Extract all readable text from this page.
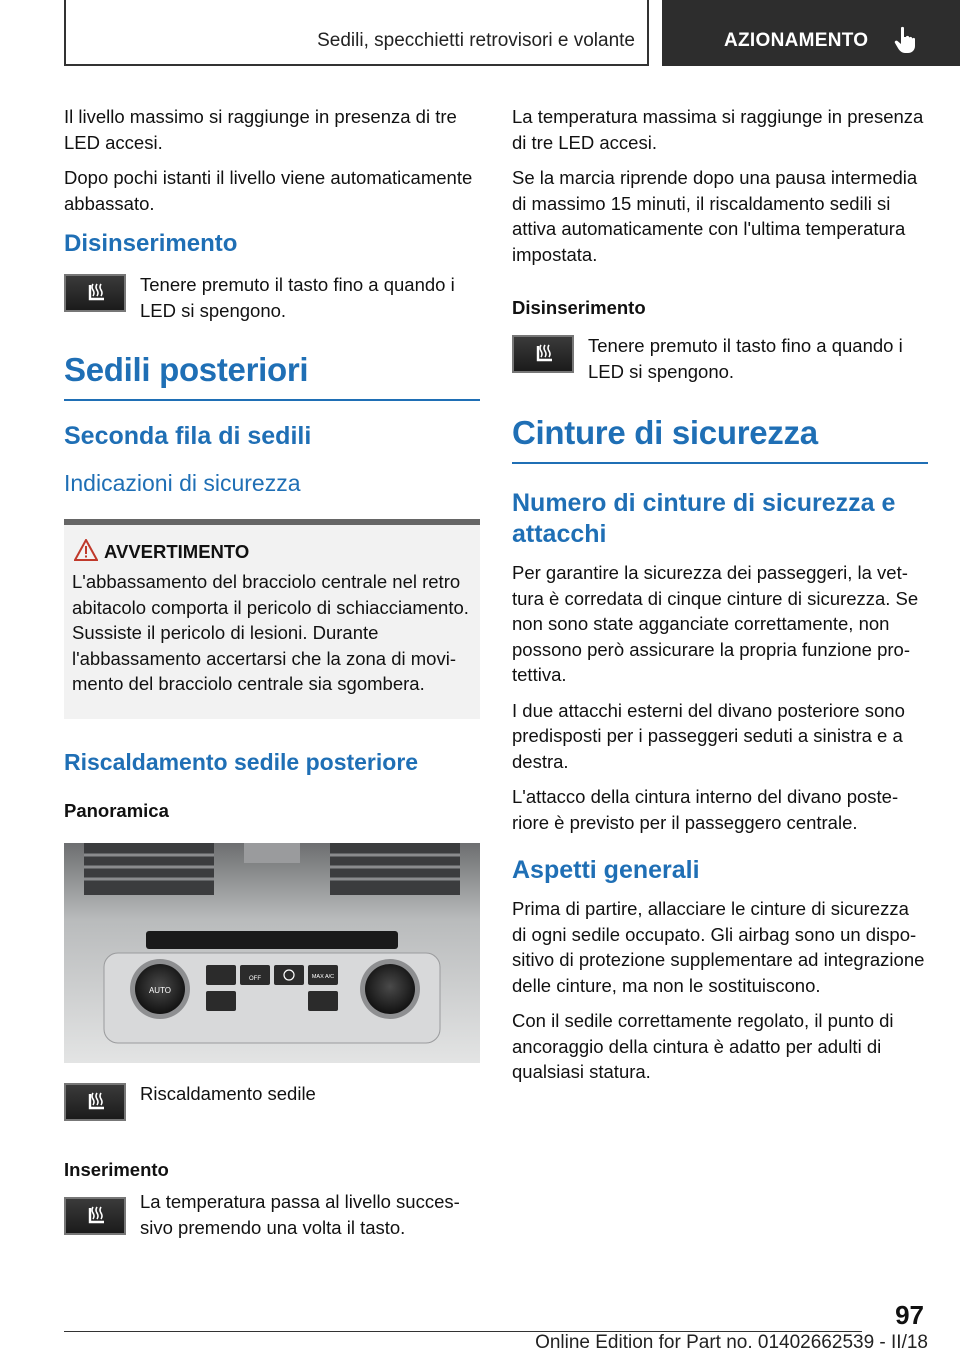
Sedili, specchietti retrovisori e volante	AZIONAMENTO

Il livello massimo si raggiunge in presenza di tre LED accesi.

Dopo pochi istanti il livello viene automaticamente abbassato.

Disinserimento
Tenere premuto il tasto fino a quando i LED si spengono.
Sedili posteriori
Seconda fila di sedili
Indicazioni di sicurezza
AVVERTIMENTO
L'abbassamento del bracciolo centrale nel retro abitacolo comporta il pericolo di schiacciamento. Sussiste il pericolo di lesioni. Durante l'abbassamento accertarsi che la zona di movimento del bracciolo centrale sia sgombera.
Riscaldamento sedile posteriore
Panoramica
AUTO
OFF	MAX A/C
Riscaldamento sedile
Inserimento
La temperatura passa al livello successivo premendo una volta il tasto.

La temperatura massima si raggiunge in presenza di tre LED accesi.

Se la marcia riprende dopo una pausa intermedia di massimo 15 minuti, il riscaldamento sedili si attiva automaticamente con l'ultima temperatura impostata.

Disinserimento
Tenere premuto il tasto fino a quando i LED si spengono.
Cinture di sicurezza
Numero di cinture di sicurezza e attacchi

Per garantire la sicurezza dei passeggeri, la vettura è corredata di cinque cinture di sicurezza. Se non sono state agganciate correttamente, non possono però assicurare la propria funzione protettiva.

I due attacchi esterni del divano posteriore sono predisposti per i passeggeri seduti a sinistra e a destra.

L'attacco della cintura interno del divano posteriore è previsto per il passeggero centrale.

Aspetti generali

Prima di partire, allacciare le cinture di sicurezza di ogni sedile occupato. Gli airbag sono un dispositivo di protezione supplementare ad integrazione delle cinture, ma non le sostituiscono.

Con il sedile correttamente regolato, il punto di ancoraggio della cintura è adatto per adulti di qualsiasi statura.

97
Online Edition for Part no. 01402662539 - II/18
